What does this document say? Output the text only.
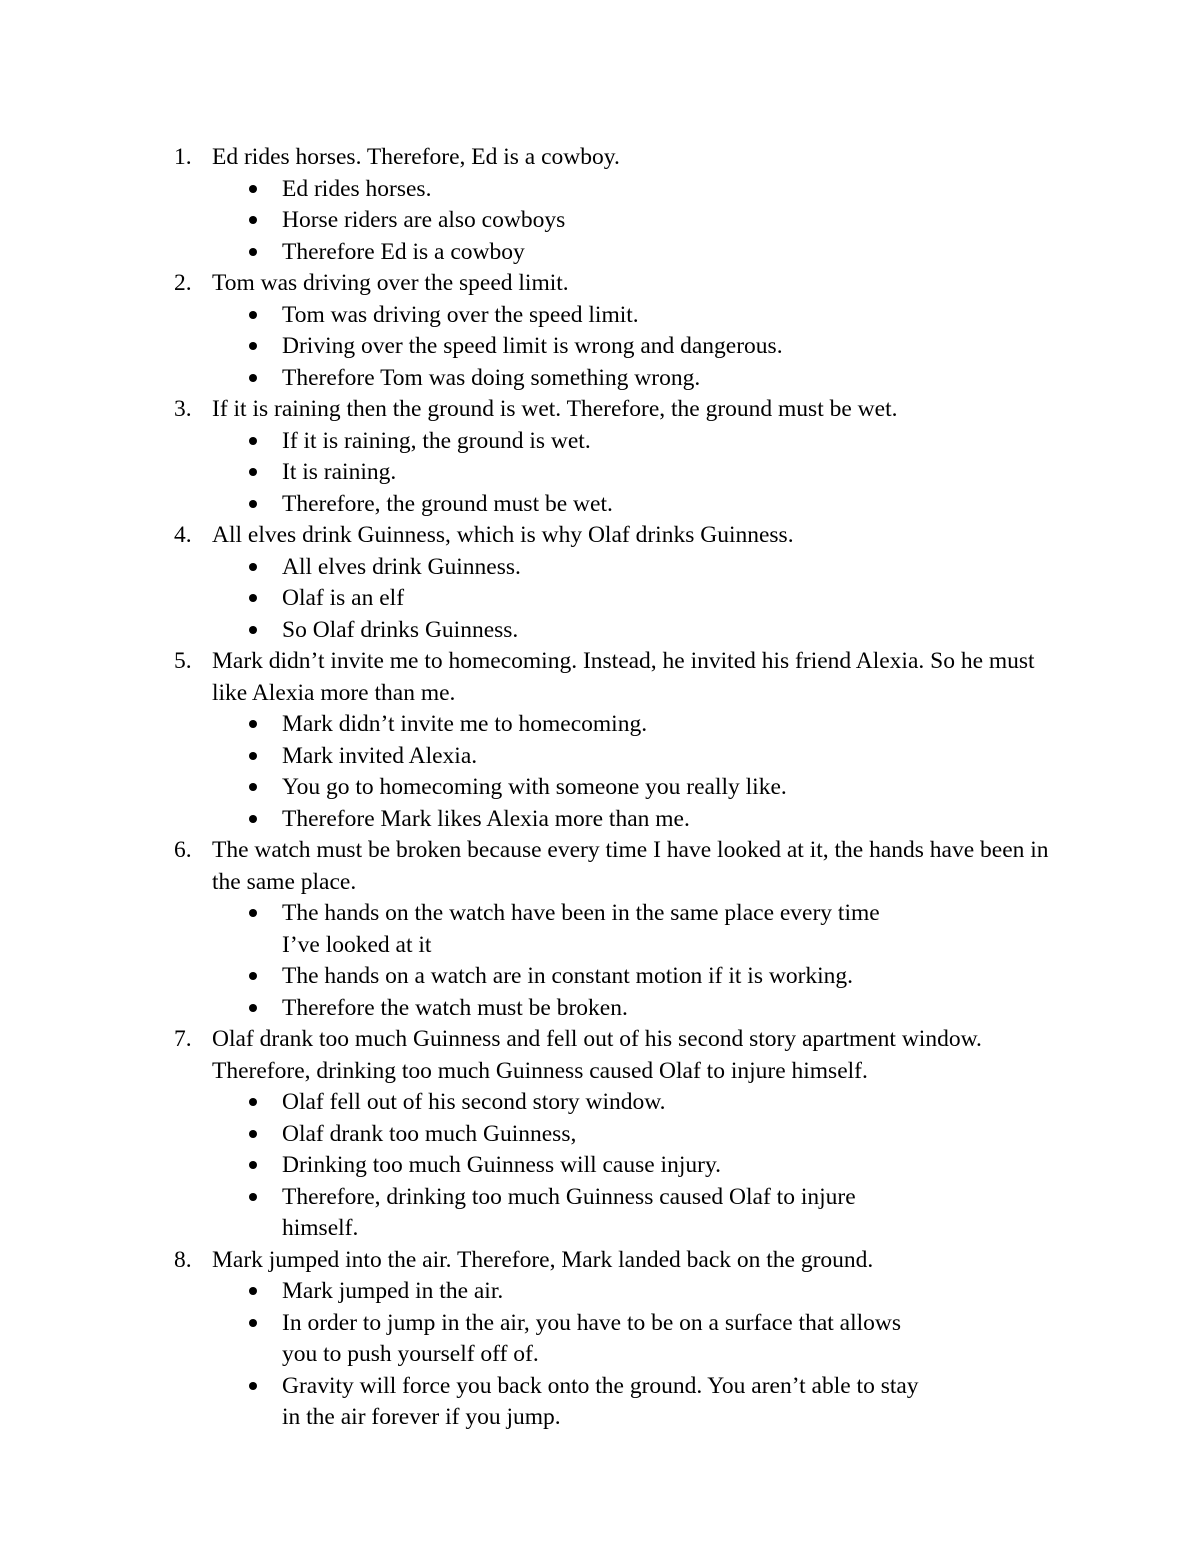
1. Ed rides horses. Therefore, Ed is a cowboy.
Ed rides horses.
Horse riders are also cowboys
Therefore Ed is a cowboy
2. Tom was driving over the speed limit.
Tom was driving over the speed limit.
Driving over the speed limit is wrong and dangerous.
Therefore Tom was doing something wrong.
3. If it is raining then the ground is wet. Therefore, the ground must be wet.
If it is raining, the ground is wet.
It is raining.
Therefore, the ground must be wet.
4. All elves drink Guinness, which is why Olaf drinks Guinness.
All elves drink Guinness.
Olaf is an elf
So Olaf drinks Guinness.
5. Mark didn’t invite me to homecoming. Instead, he invited his friend Alexia. So he must like Alexia more than me.
Mark didn’t invite me to homecoming.
Mark invited Alexia.
You go to homecoming with someone you really like.
Therefore Mark likes Alexia more than me.
6. The watch must be broken because every time I have looked at it, the hands have been in the same place.
The hands on the watch have been in the same place every time I’ve looked at it
The hands on a watch are in constant motion if it is working.
Therefore the watch must be broken.
7. Olaf drank too much Guinness and fell out of his second story apartment window. Therefore, drinking too much Guinness caused Olaf to injure himself.
Olaf fell out of his second story window.
Olaf drank too much Guinness,
Drinking too much Guinness will cause injury.
Therefore, drinking too much Guinness caused Olaf to injure himself.
8. Mark jumped into the air. Therefore, Mark landed back on the ground.
Mark jumped in the air.
In order to jump in the air, you have to be on a surface that allows you to push yourself off of.
Gravity will force you back onto the ground. You aren’t able to stay in the air forever if you jump.
